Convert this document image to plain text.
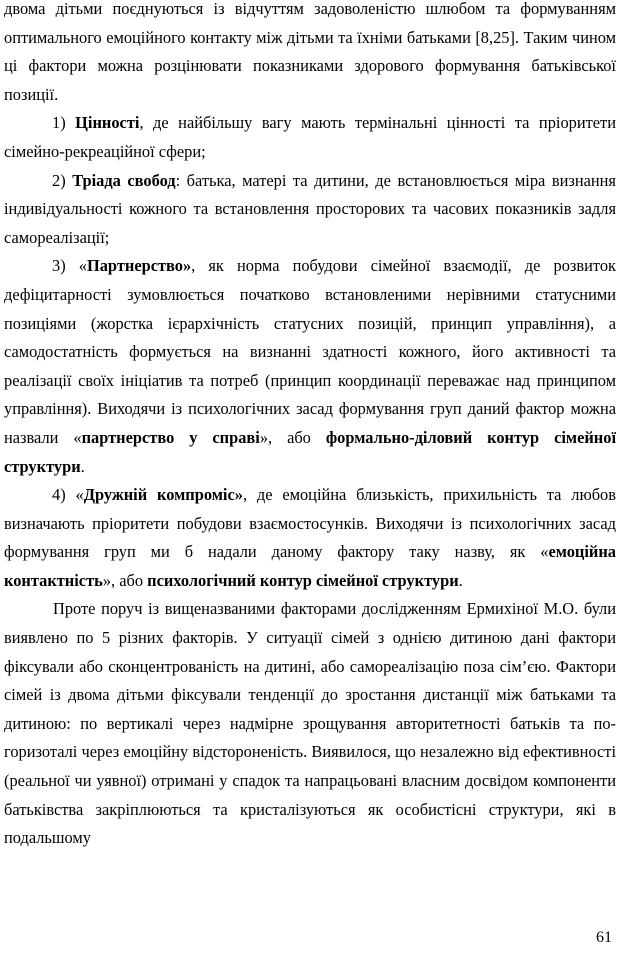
двома дітьми поєднуються із відчуттям задоволеністю шлюбом та формуванням оптимального емоційного контакту між дітьми та їхніми батьками [8,25]. Таким чином ці фактори можна розцінювати показниками здорового формування батьківської позиції.

1) Цінності, де найбільшу вагу мають термінальні цінності та пріоритети сімейно-рекреаційної сфери;

2) Тріада свобод: батька, матері та дитини, де встановлюється міра визнання індивідуальності кожного та встановлення просторових та часових показників задля самореалізації;

3) «Партнерство», як норма побудови сімейної взаємодії, де розвиток дефіцитарності зумовлюється початково встановленими нерівними статусними позиціями (жорстка ієрархічність статусних позицій, принцип управління), а самодостатність формується на визнанні здатності кожного, його активності та реалізації своїх ініціатив та потреб (принцип координації переважає над принципом управління). Виходячи із психологічних засад формування груп даний фактор можна назвали «партнерство у справі», або формально-діловий контур сімейної структури.

4) «Дружній компроміс», де емоційна близькість, прихильність та любов визначають пріоритети побудови взаємостосунків. Виходячи із психологічних засад формування груп ми б надали даному фактору таку назву, як «емоційна контактність», або психологічний контур сімейної структури.

Проте поруч із вищеназваними факторами дослідженням Ермихіної М.О. були виявлено по 5 різних факторів. У ситуації сімей з однією дитиною дані фактори фіксували або сконцентрованість на дитині, або самореалізацію поза сім’єю. Фактори сімей із двома дітьми фіксували тенденції до зростання дистанції між батьками та дитиною: по вертикалі через надмірне зрощування авторитетності батьків та по-горизоталі через емоційну відстороненість. Виявилося, що незалежно від ефективності (реальної чи уявної) отримані у спадок та напрацьовані власним досвідом компоненти батьківства закріплюються та кристалізуються як особистісні структури, які в подальшому

61
